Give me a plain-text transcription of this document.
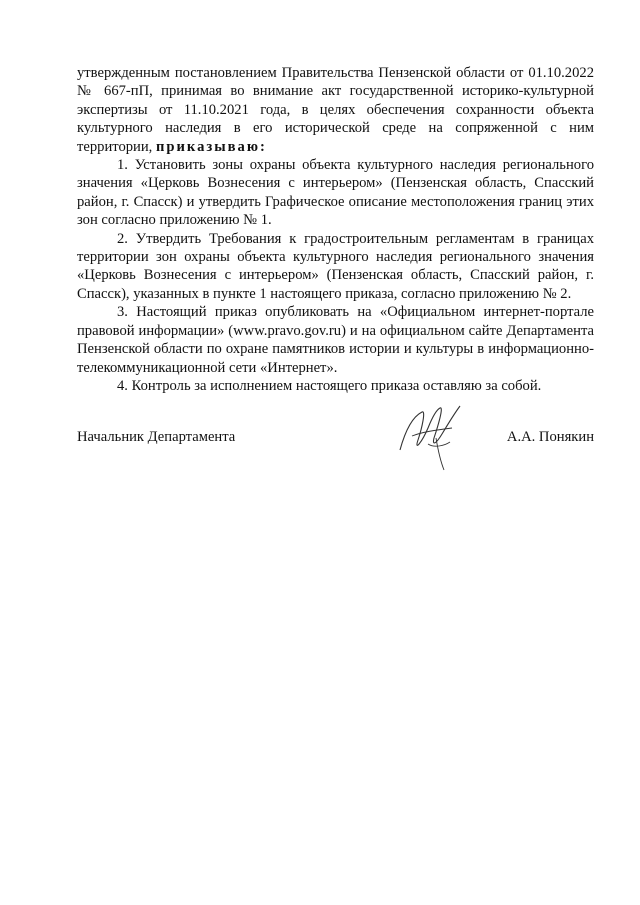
утвержденным постановлением Правительства Пензенской области от 01.10.2022 № 667-пП, принимая во внимание акт государственной историко-культурной экспертизы от 11.10.2021 года, в целях обеспечения сохранности объекта культурного наследия в его исторической среде на сопряженной с ним территории, приказываю:

1. Установить зоны охраны объекта культурного наследия регионального значения «Церковь Вознесения с интерьером» (Пензенская область, Спасский район, г. Спасск) и утвердить Графическое описание местоположения границ этих зон согласно приложению № 1.

2. Утвердить Требования к градостроительным регламентам в границах территории зон охраны объекта культурного наследия регионального значения «Церковь Вознесения с интерьером» (Пензенская область, Спасский район, г. Спасск), указанных в пункте 1 настоящего приказа, согласно приложению № 2.

3. Настоящий приказ опубликовать на «Официальном интернет-портале правовой информации» (www.pravo.gov.ru) и на официальном сайте Департамента Пензенской области по охране памятников истории и культуры в информационно-телекоммуникационной сети «Интернет».

4. Контроль за исполнением настоящего приказа оставляю за собой.

Начальник Департамента	А.А. Понякин
